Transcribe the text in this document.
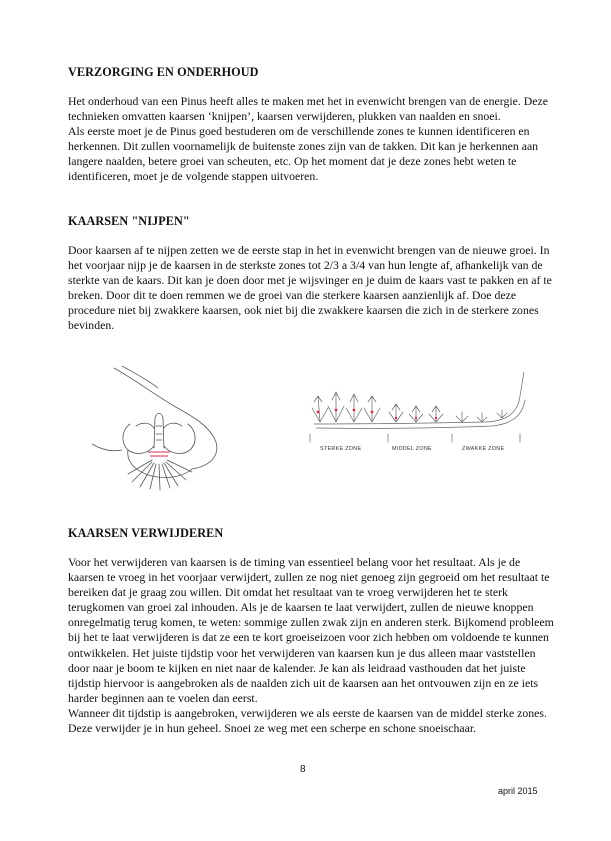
VERZORGING EN ONDERHOUD

Het onderhoud van een Pinus heeft alles te maken met het in evenwicht brengen van de energie. Deze technieken omvatten kaarsen ‘knijpen’, kaarsen verwijderen, plukken van naalden en snoei.

Als eerste moet je de Pinus goed bestuderen om de verschillende zones te kunnen identificeren en herkennen. Dit zullen voornamelijk de buitenste zones zijn van de takken. Dit kan je herkennen aan langere naalden, betere groei van scheuten, etc. Op het moment dat je deze zones hebt weten te identificeren, moet je de volgende stappen uitvoeren.

KAARSEN "NIJPEN"

Door kaarsen af te nijpen zetten we de eerste stap in het in evenwicht brengen van de nieuwe groei. In het voorjaar nijp je de kaarsen in de sterkste zones tot 2/3 a 3/4 van hun lengte af, afhankelijk van de sterkte van de kaars. Dit kan je doen door met je wijsvinger en je duim de kaars vast te pakken en af te breken. Door dit te doen remmen we de groei van die sterkere kaarsen aanzienlijk af. Doe deze procedure niet bij zwakkere kaarsen, ook niet bij die zwakkere kaarsen die zich in de sterkere zones bevinden.

STERKE ZONE	MIDDEL ZONE	ZWAKKE ZONE
KAARSEN VERWIJDEREN

Voor het verwijderen van kaarsen is de timing van essentieel belang voor het resultaat. Als je de kaarsen te vroeg in het voorjaar verwijdert, zullen ze nog niet genoeg zijn gegroeid om het resultaat te bereiken dat je graag zou willen. Dit omdat het resultaat van te vroeg verwijderen het te sterk terugkomen van groei zal inhouden. Als je de kaarsen te laat verwijdert, zullen de nieuwe knoppen onregelmatig terug komen, te weten: sommige zullen zwak zijn en anderen sterk. Bijkomend probleem bij het te laat verwijderen is dat ze een te kort groeiseizoen voor zich hebben om voldoende te kunnen ontwikkelen. Het juiste tijdstip voor het verwijderen van kaarsen kun je dus alleen maar vaststellen door naar je boom te kijken en niet naar de kalender. Je kan als leidraad vasthouden dat het juiste tijdstip hiervoor is aangebroken als de naalden zich uit de kaarsen aan het ontvouwen zijn en ze iets harder beginnen aan te voelen dan eerst.

Wanneer dit tijdstip is aangebroken, verwijderen we als eerste de kaarsen van de middel sterke zones. Deze verwijder je in hun geheel. Snoei ze weg met een scherpe en schone snoeischaar.

8
april 2015
